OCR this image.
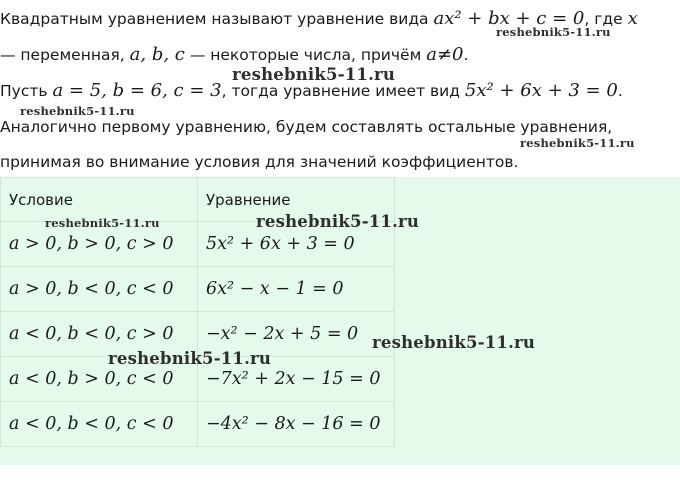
Квадратным уравнением называют уравнение вида ax² + bx + c = 0, где x
— переменная, a, b, c — некоторые числа, причём a≠0.
Пусть a = 5, b = 6, c = 3, тогда уравнение имеет вид 5x² + 6x + 3 = 0.
Аналогично первому уравнению, будем составлять остальные уравнения,
принимая во внимание условия для значений коэффициентов.
Условие	Уравнение
a > 0, b > 0, c > 0	5x² + 6x + 3 = 0
a > 0, b < 0, c < 0	6x² − x − 1 = 0
a < 0, b < 0, c > 0	−x² − 2x + 5 = 0
a < 0, b > 0, c < 0	−7x² + 2x − 15 = 0
a < 0, b < 0, c < 0	−4x² − 8x − 16 = 0
reshebnik5-11.ru
reshebnik5-11.ru
reshebnik5-11.ru
reshebnik5-11.ru
reshebnik5-11.ru	reshebnik5-11.ru
reshebnik5-11.ru
reshebnik5-11.ru
